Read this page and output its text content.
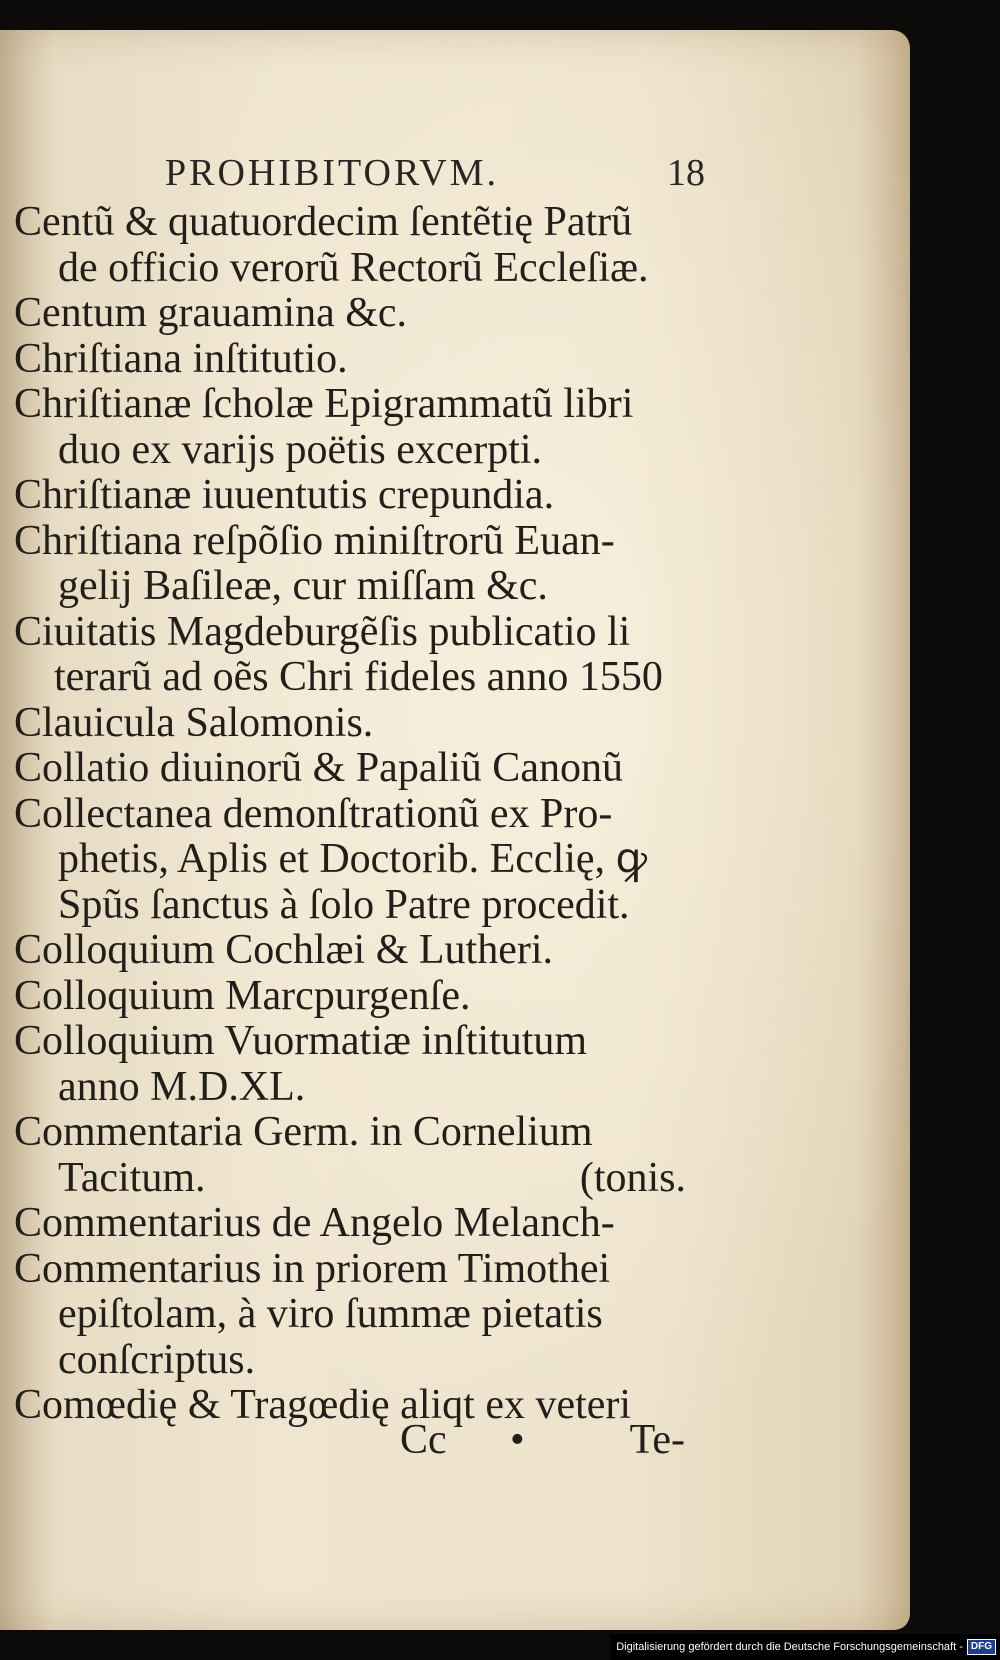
PROHIBITORVM.	18
Centũ & quatuordecim ſentẽtię Patrũ
de officio verorũ Rectorũ Eccleſiæ.
Centum grauamina &c.
Chriſtiana inſtitutio.
Chriſtianæ ſcholæ Epigrammatũ libri
duo ex varijs poëtis excerpti.
Chriſtianæ iuuentutis crepundia.
Chriſtiana reſpõſio miniſtrorũ Euan-
gelij Baſileæ, cur miſſam &c.
Ciuitatis Magdeburgẽſis publicatio li
terarũ ad oẽs Chri fideles anno 1550
Clauicula Salomonis.
Collatio diuinorũ & Papaliũ Canonũ
Collectanea demonſtrationũ ex Pro-
phetis, Aplis et Doctorib. Ecclię, ꝙ
Spũs ſanctus à ſolo Patre procedit.
Colloquium Cochlæi & Lutheri.
Colloquium Marcpurgenſe.
Colloquium Vuormatiæ inſtitutum
anno M.D.XL.
Commentaria Germ. in Cornelium
Tacitum.	(tonis.
Commentarius de Angelo Melanch-
Commentarius in priorem Timothei
epiſtolam, à viro ſummæ pietatis
conſcriptus.
Comœdię & Tragœdię aliqt ex veteri
Cc • Te-
Digitalisierung gefördert durch die Deutsche Forschungsgemeinschaft - DFG
